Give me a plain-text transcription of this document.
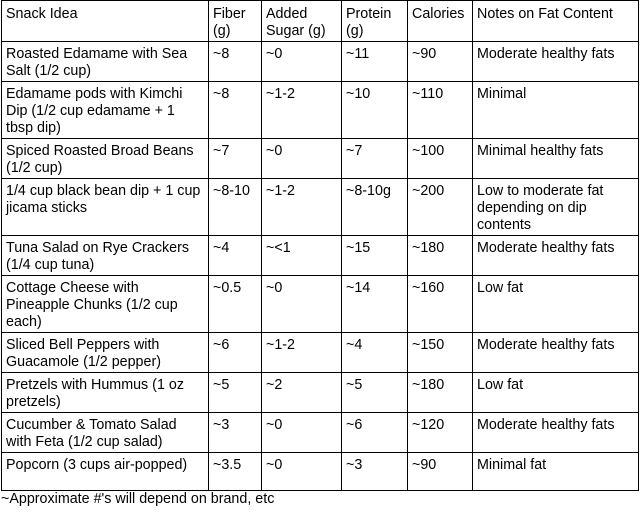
Snack Idea	Fiber (g)	Added Sugar (g)	Protein (g)	Calories	Notes on Fat Content
Roasted Edamame with Sea Salt (1/2 cup)	~8	~0	~11	~90	Moderate healthy fats
Edamame pods with Kimchi Dip (1/2 cup edamame + 1 tbsp dip)	~8	~1-2	~10	~110	Minimal
Spiced Roasted Broad Beans (1/2 cup)	~7	~0	~7	~100	Minimal healthy fats
1/4 cup black bean dip + 1 cup jicama sticks	~8-10	~1-2	~8-10g	~200	Low to moderate fat depending on dip contents
Tuna Salad on Rye Crackers (1/4 cup tuna)	~4	~<1	~15	~180	Moderate healthy fats
Cottage Cheese with Pineapple Chunks (1/2 cup each)	~0.5	~0	~14	~160	Low fat
Sliced Bell Peppers with Guacamole (1/2 pepper)	~6	~1-2	~4	~150	Moderate healthy fats
Pretzels with Hummus (1 oz pretzels)	~5	~2	~5	~180	Low fat
Cucumber & Tomato Salad with Feta (1/2 cup salad)	~3	~0	~6	~120	Moderate healthy fats
Popcorn (3 cups air-popped)	~3.5	~0	~3	~90	Minimal fat
~Approximate #'s will depend on brand, etc
